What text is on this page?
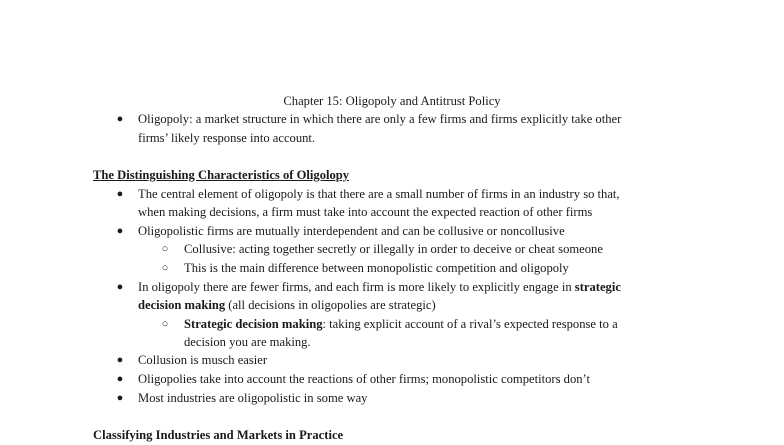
Chapter 15: Oligopoly and Antitrust Policy
●	Oligopoly: a market structure in which there are only a few firms and firms explicitly take other
firms’ likely response into account.
The Distinguishing Characteristics of Oligolopy
●	The central element of oligopoly is that there are a small number of firms in an industry so that,
when making decisions, a firm must take into account the expected reaction of other firms
●	Oligopolistic firms are mutually interdependent and can be collusive or noncollusive
○	Collusive: acting together secretly or illegally in order to deceive or cheat someone
○	This is the main difference between monopolistic competition and oligopoly
●	In oligopoly there are fewer firms, and each firm is more likely to explicitly engage in strategic
decision making (all decisions in oligopolies are strategic)
○	Strategic decision making: taking explicit account of a rival’s expected response to a
decision you are making.
●	Collusion is musch easier
●	Oligopolies take into account the reactions of other firms; monopolistic competitors don’t
●	Most industries are oligopolistic in some way
Classifying Industries and Markets in Practice
